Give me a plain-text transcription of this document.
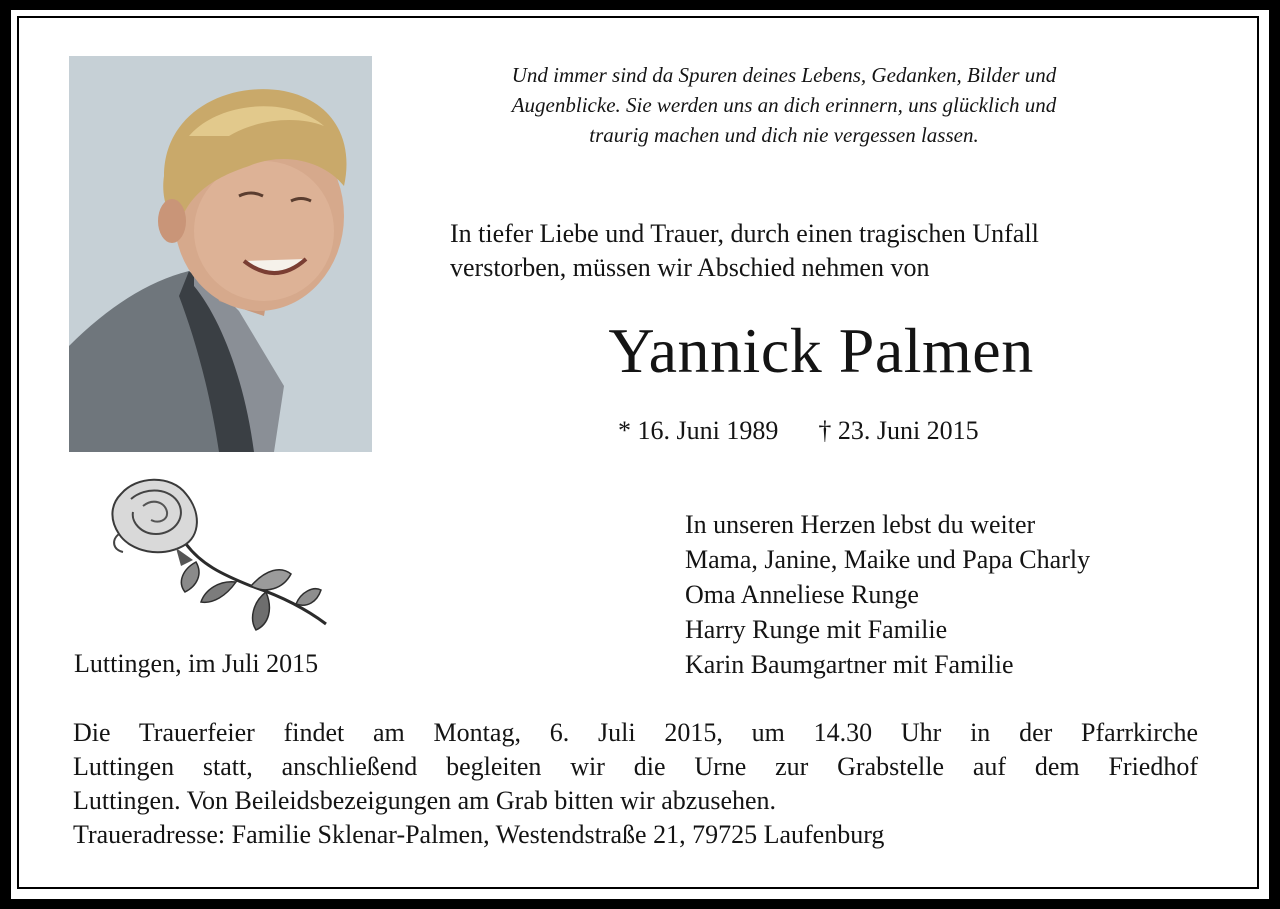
Und immer sind da Spuren deines Lebens, Gedanken, Bilder und
Augenblicke. Sie werden uns an dich erinnern, uns glücklich und
traurig machen und dich nie vergessen lassen.
In tiefer Liebe und Trauer, durch einen tragischen Unfall
verstorben, müssen wir Abschied nehmen von
Yannick Palmen
* 16. Juni 1989 † 23. Juni 2015
Luttingen, im Juli 2015
In unseren Herzen lebst du weiter
Mama, Janine, Maike und Papa Charly
Oma Anneliese Runge
Harry Runge mit Familie
Karin Baumgartner mit Familie
Die Trauerfeier findet am Montag, 6. Juli 2015, um 14.30 Uhr in der Pfarrkirche
Luttingen statt, anschließend begleiten wir die Urne zur Grabstelle auf dem Friedhof
Luttingen. Von Beileidsbezeigungen am Grab bitten wir abzusehen.
Traueradresse: Familie Sklenar-Palmen, Westendstraße 21, 79725 Laufenburg
